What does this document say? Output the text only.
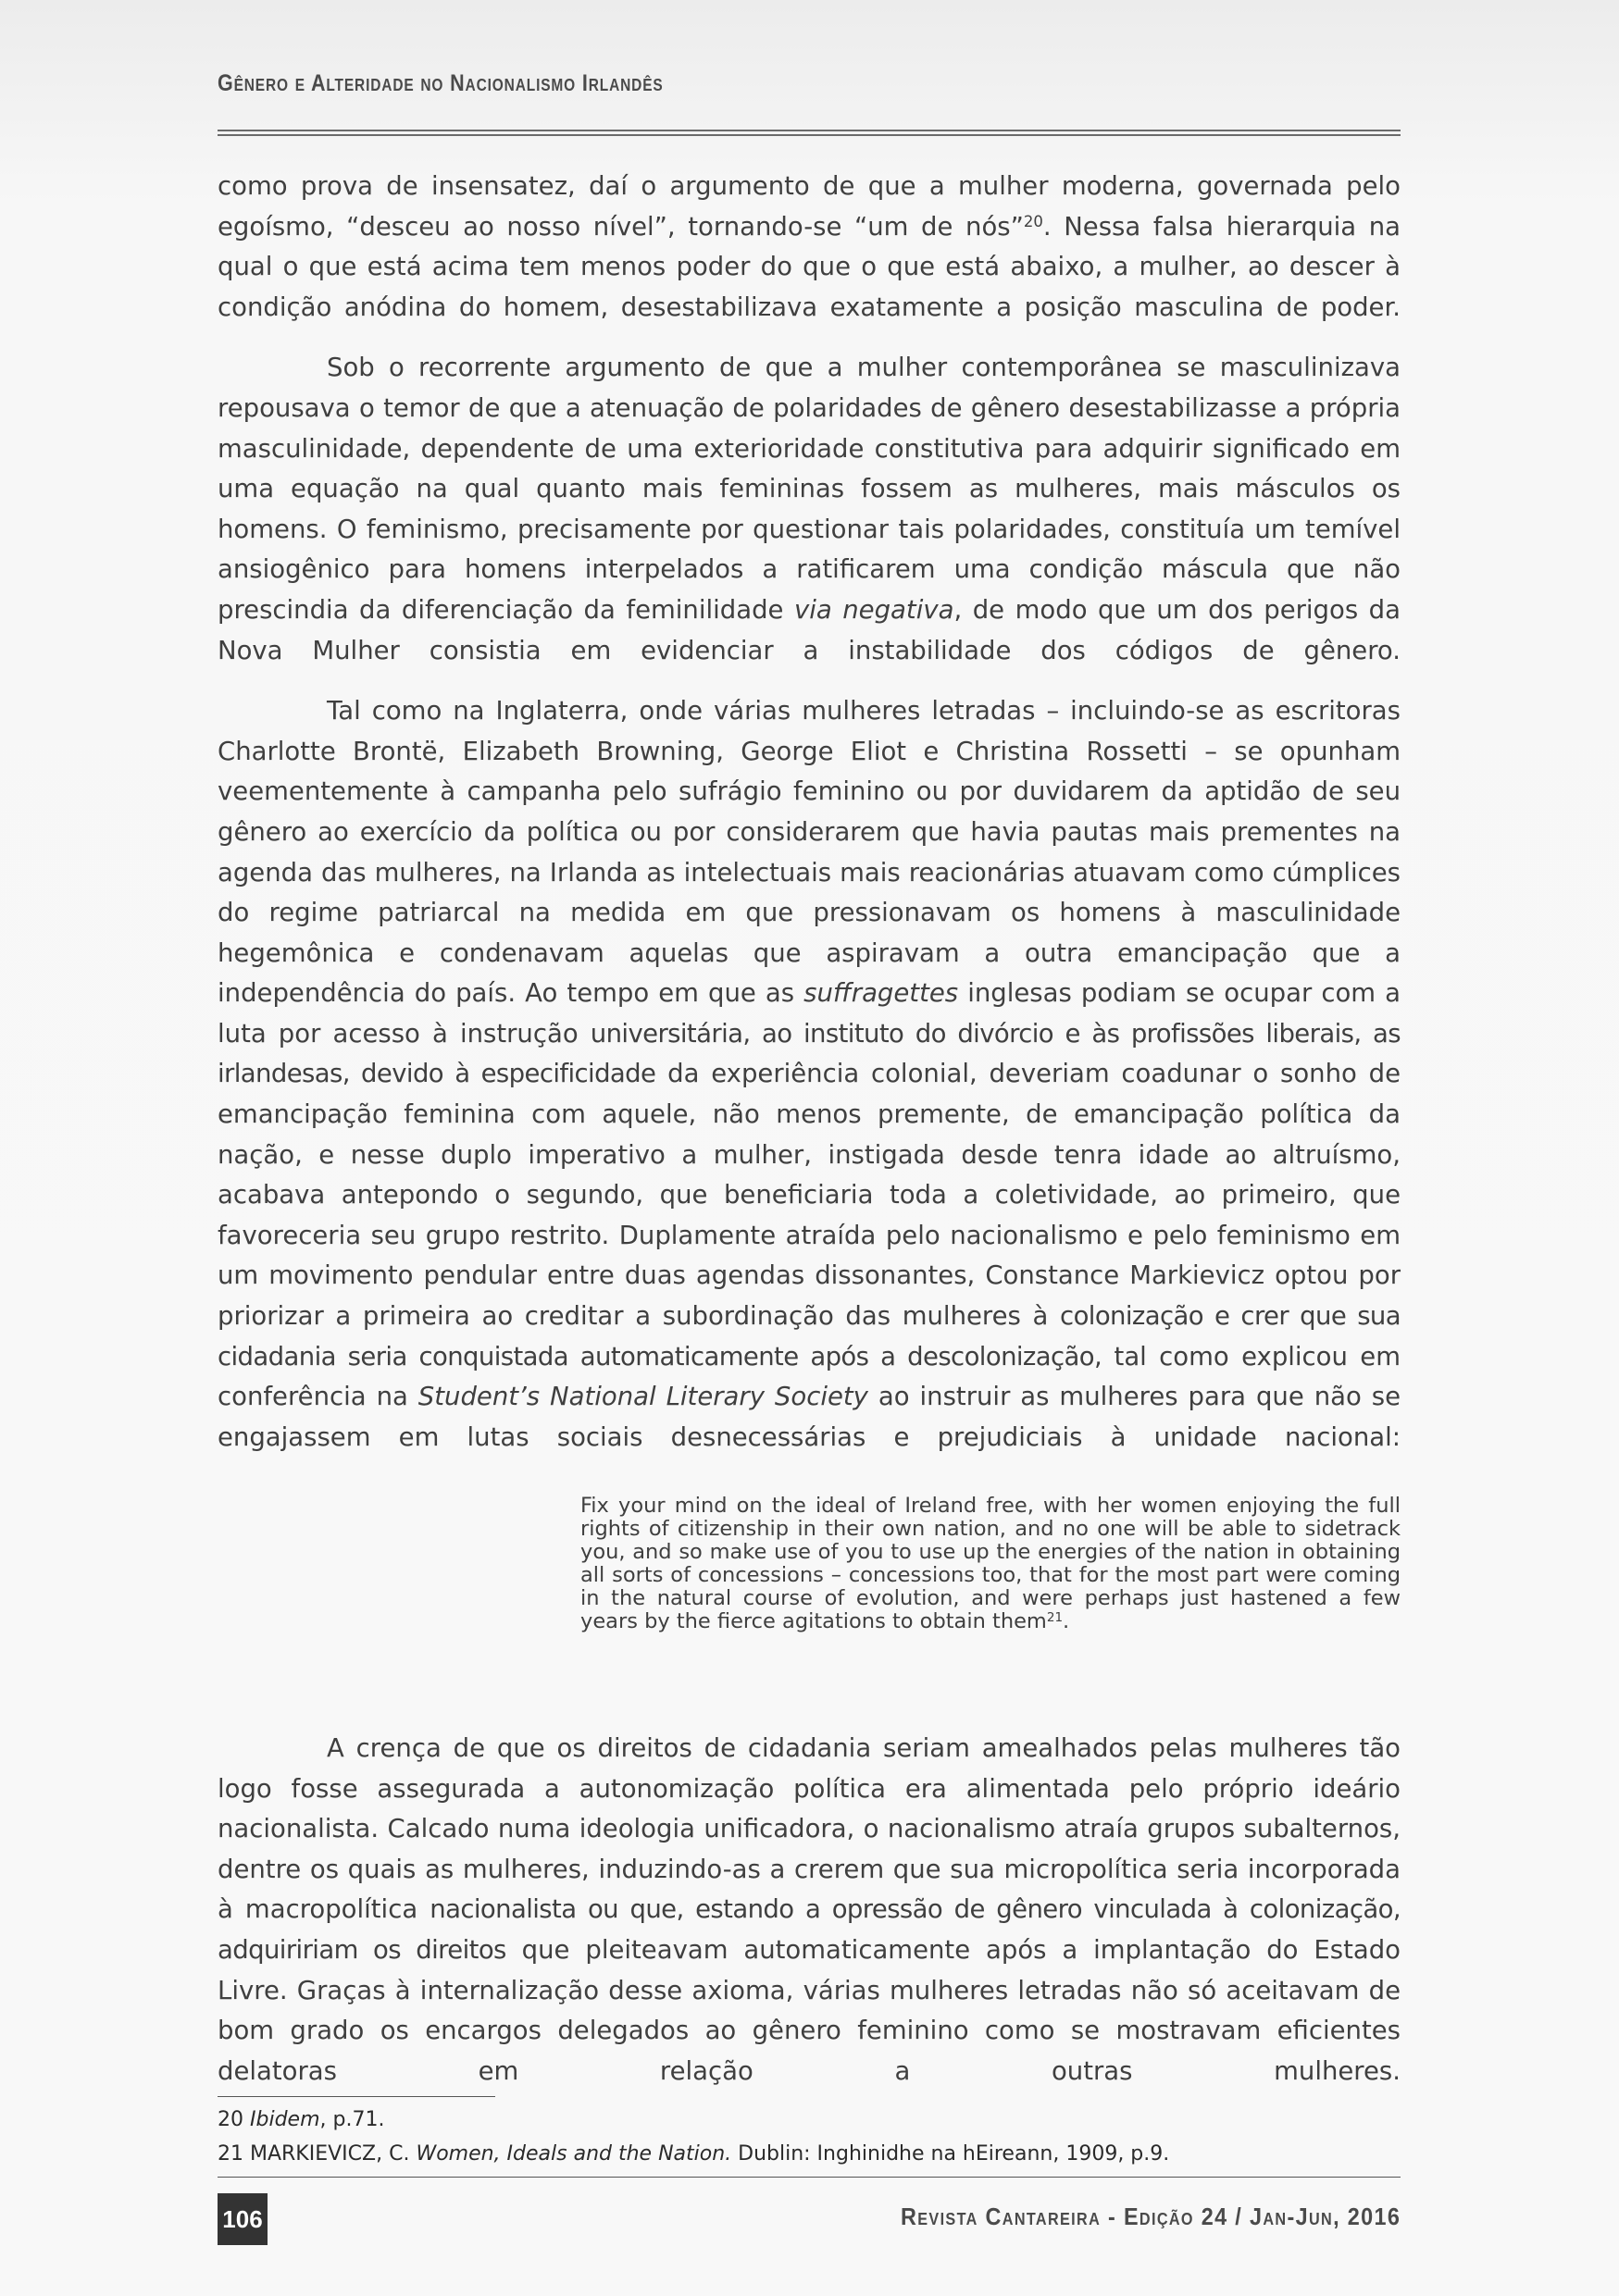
Gênero e Alteridade no Nacionalismo Irlandês

como prova de insensatez, daí o argumento de que a mulher moderna, governada pelo egoísmo, “desceu ao nosso nível”, tornando-se “um de nós”$^{20}$. Nessa falsa hierarquia na qual o que está acima tem menos poder do que o que está abaixo, a mulher, ao descer à condição anódina do homem, desestabilizava exatamente a posição masculina de poder.

Sob o recorrente argumento de que a mulher contemporânea se masculinizava repousava o temor de que a atenuação de polaridades de gênero desestabilizasse a própria masculinidade, dependente de uma exterioridade constitutiva para adquirir significado em uma equação na qual quanto mais femininas fossem as mulheres, mais másculos os homens. O feminismo, precisamente por questionar tais polaridades, constituía um temível ansiogênico para homens interpelados a ratificarem uma condição máscula que não prescindia da diferenciação da feminilidade via negativa, de modo que um dos perigos da Nova Mulher consistia em evidenciar a instabilidade dos códigos de gênero.

Tal como na Inglaterra, onde várias mulheres letradas – incluindo-se as escritoras Charlotte Brontë, Elizabeth Browning, George Eliot e Christina Rossetti – se opunham veementemente à campanha pelo sufrágio feminino ou por duvidarem da aptidão de seu gênero ao exercício da política ou por considerarem que havia pautas mais prementes na agenda das mulheres, na Irlanda as intelectuais mais reacionárias atuavam como cúmplices do regime patriarcal na medida em que pressionavam os homens à masculinidade hegemônica e condenavam aquelas que aspiravam a outra emancipação que a independência do país. Ao tempo em que as suffragettes inglesas podiam se ocupar com a luta por acesso à instrução universitária, ao instituto do divórcio e às profissões liberais, as irlandesas, devido à especificidade da experiência colonial, deveriam coadunar o sonho de emancipação feminina com aquele, não menos premente, de emancipação política da nação, e nesse duplo imperativo a mulher, instigada desde tenra idade ao altruísmo, acabava antepondo o segundo, que beneficiaria toda a coletividade, ao primeiro, que favoreceria seu grupo restrito. Duplamente atraída pelo nacionalismo e pelo feminismo em um movimento pendular entre duas agendas dissonantes, Constance Markievicz optou por priorizar a primeira ao creditar a subordinação das mulheres à colonização e crer que sua cidadania seria conquistada automaticamente após a descolonização, tal como explicou em conferência na Student’s National Literary Society ao instruir as mulheres para que não se engajassem em lutas sociais desnecessárias e prejudiciais à unidade nacional:

Fix your mind on the ideal of Ireland free, with her women enjoying the full rights of citizenship in their own nation, and no one will be able to sidetrack you, and so make use of you to use up the energies of the nation in obtaining all sorts of concessions – concessions too, that for the most part were coming in the natural course of evolution, and were perhaps just hastened a few years by the fierce agitations to obtain them$^{21}$.

A crença de que os direitos de cidadania seriam amealhados pelas mulheres tão logo fosse assegurada a autonomização política era alimentada pelo próprio ideário nacionalista. Calcado numa ideologia unificadora, o nacionalismo atraía grupos subalternos, dentre os quais as mulheres, induzindo-as a crerem que sua micropolítica seria incorporada à macropolítica nacionalista ou que, estando a opressão de gênero vinculada à colonização, adquiririam os direitos que pleiteavam automaticamente após a implantação do Estado Livre. Graças à internalização desse axioma, várias mulheres letradas não só aceitavam de bom grado os encargos delegados ao gênero feminino como se mostravam eficientes delatoras em relação a outras mulheres.

20 Ibidem, p.71.
21 MARKIEVICZ, C. Women, Ideals and the Nation. Dublin: Inghinidhe na hEireann, 1909, p.9.
106	Revista Cantareira - Edição 24 / Jan-Jun, 2016
